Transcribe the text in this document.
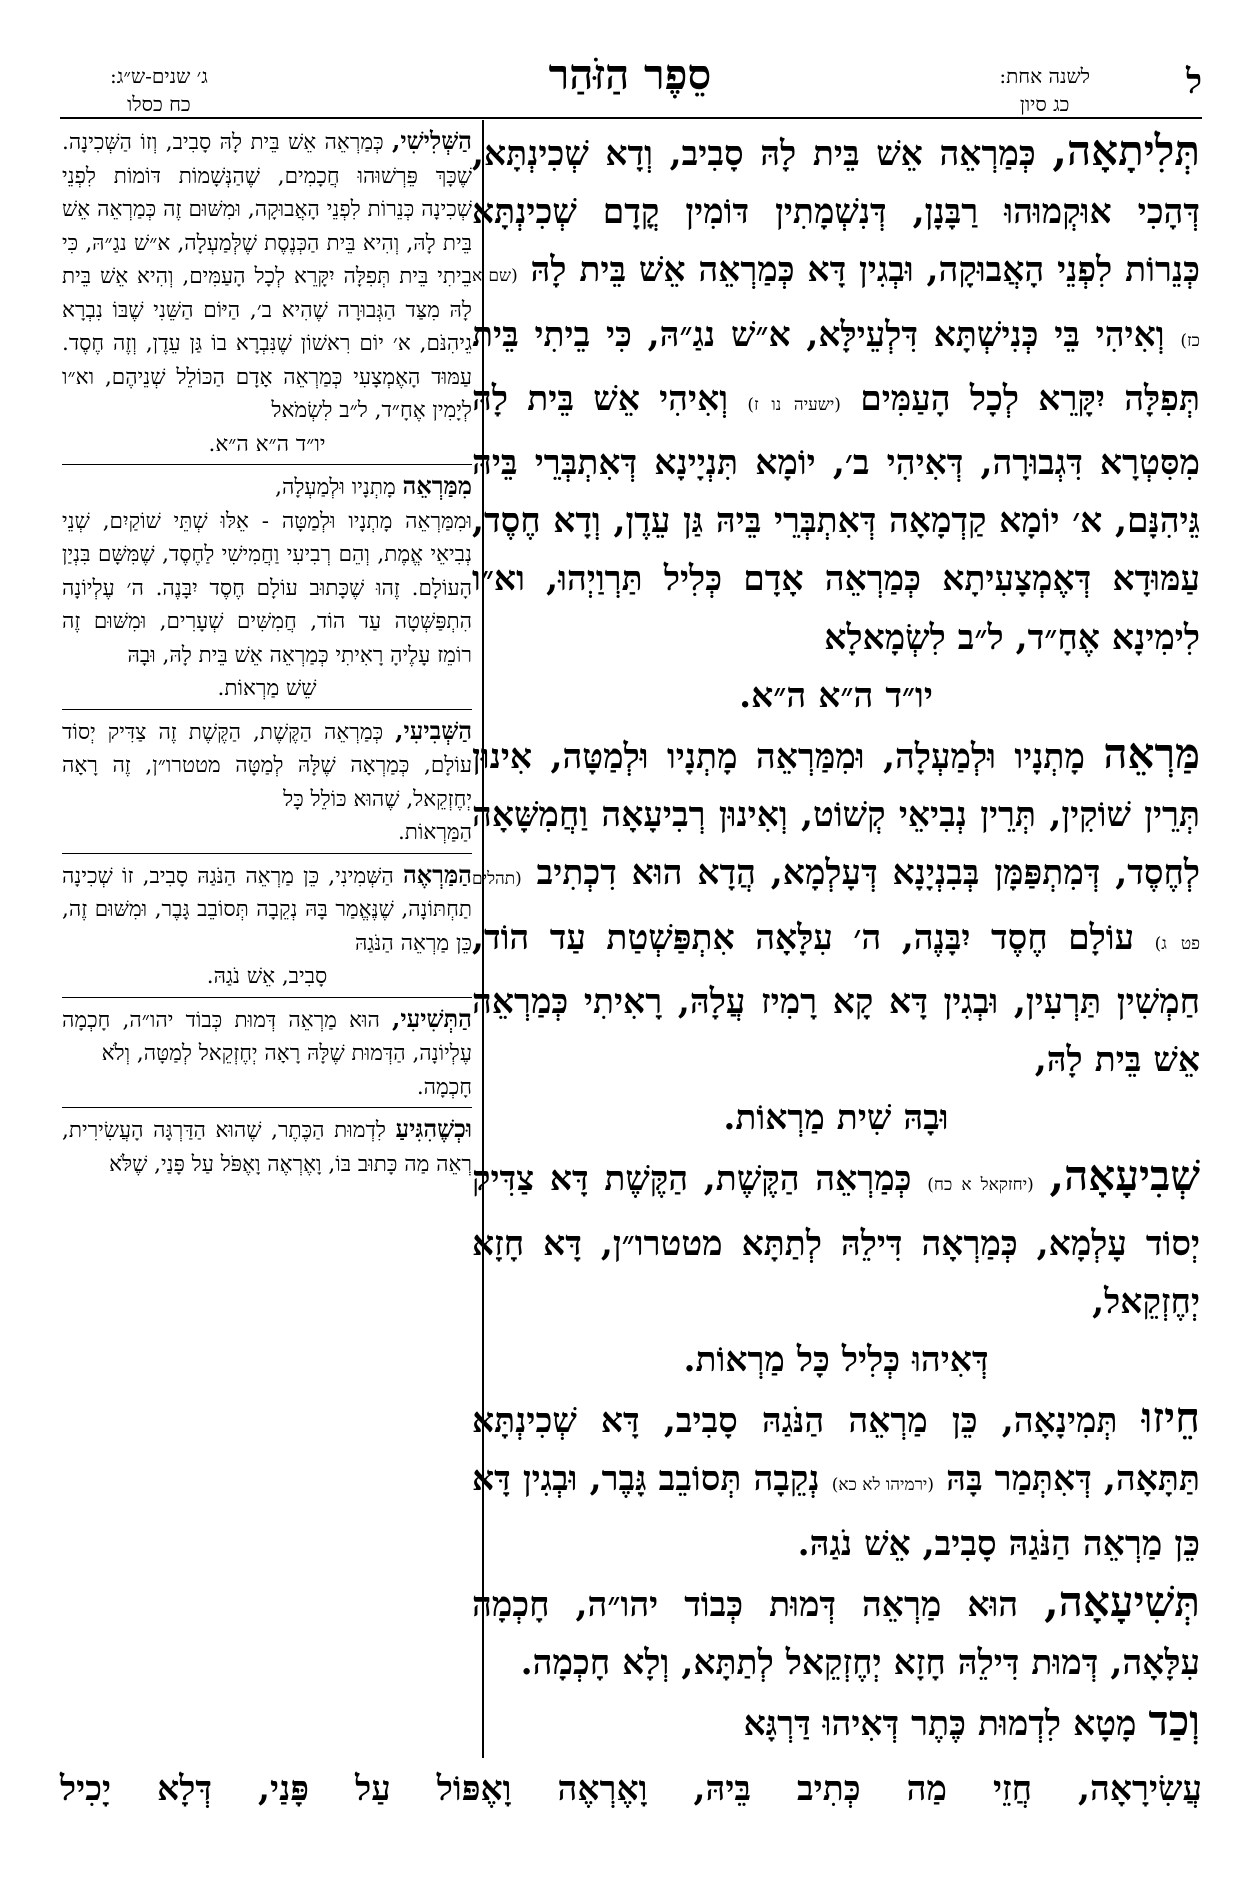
ל
לשנה אחת:
כג סיון
סֵפֶר הַזֹּהַר
ג׳ שנים-ש״ג:
כח כסלו

תְּלִיתָאָה, כְּמַרְאֵה אֵשׁ בֵּית לָהּ סָבִיב, וְדָא שְׁכִינְתָּא, דְּהָכִי אוּקְמוּהוּ רַבָּנָן, דְּנִשְׁמָתִין דּוֹמִין קֳדָם שְׁכִינְתָּא כְּנֵרוֹת לִפְנֵי הָאֲבוּקָה, וּבְגִין דָּא כְּמַרְאֵה אֵשׁ בֵּית לָהּ (שם א כז) וְאִיהִי בֵּי כְּנִישְׁתָּא דִּלְעֵילָּא, א״שׁ נגַ״הּ, כִּי בֵיתִי בֵּית תְּפִלָּה יִקָּרֵא לְכָל הָעַמִּים (ישעיה נו ז) וְאִיהִי אֵשׁ בֵּית לָהּ מִסִּטְרָא דִּגְבוּרָה, דְּאִיהִי ב׳, יוֹמָא תִּנְיָינָא דְּאִתְבְּרֵי בֵּיהּ גֵּיהִנָּם, א׳ יוֹמָא קַדְמָאָה דְּאִתְבְּרֵי בֵּיהּ גַּן עֵדֶן, וְדָא חֶסֶד, עַמּוּדָא דְּאֶמְצָעִיתָא כְּמַרְאֵה אָדָם כְּלִיל תַּרְוַיְהוּ, וא״ו לִימִינָא אֶחָ״ד, ל״ב לִשְׂמָאלָא

יו״ד ה״א ה״א.

מַּרְאֵה מָתְנָיו וּלְמַעְלָה, וּמִמַּרְאֵה מָתְנָיו וּלְמַטָּה, אִינוּן תְּרֵין שׁוֹקִין, תְּרֵין נְבִיאֵי קְשׁוֹט, וְאִינוּן רְבִיעָאָה וַחֲמִשָּׁאָה לְחֶסֶד, דְּמִתְפַּמָּן בְּבִנְיָנָא דְּעָלְמָא, הֲדָא הוּא דִכְתִיב (תהלים פט ג) עוֹלָם חֶסֶד יִבָּנֶה, ה׳ עִלָּאָה אִתְפַּשְׁטַת עַד הוֹד, חַמְשִׁין תַּרְעִין, וּבְגִין דָּא קָא רָמִיז עֲלָהּ, רָאִיתִי כְּמַרְאֵה אֵשׁ בֵּית לָהּ,

וּבָהּ שִׁית מַרְאוֹת.

שְׁבִיעָאָה, (יחזקאל א כח) כְּמַרְאֵה הַקֶּשֶׁת, הַקֶּשֶׁת דָּא צַדִּיק יְסוֹד עָלְמָא, כְּמַרְאָה דִּילֵהּ לְתַתָּא מטטרו״ן, דָּא חָזָא יְחֶזְקֵאל,

דְּאִיהוּ כְּלִיל כָּל מַרְאוֹת.

חֵיזוּ תְּמִינָאָה, כֵּן מַרְאֵה הַנֹּגַהּ סָבִיב, דָּא שְׁכִינְתָּא תַּתָּאָה, דְּאִתְּמַר בָּהּ (ירמיהו לא כא) נְקֵבָה תְּסוֹבֵב גָּבֶר, וּבְגִין דָּא כֵּן מַרְאֵה הַנֹּגַהּ סָבִיב, אֵשׁ נֹגַהּ.

תְּשִׁיעָאָה, הוּא מַרְאֵה דְּמוּת כְּבוֹד יהו״ה, חָכְמָה עִלָּאָה, דְּמוּת דִּילֵהּ חָזָא יְחֶזְקֵאל לְתַתָּא, וְלָא חָכְמָה.

וְכַד מָטָא לִדְמוּת כֶּתֶר דְּאִיהוּ דַּרְגָּא

הַשְּׁלִישִׁי, כְּמַרְאֵה אֵשׁ בֵּית לָהּ סָבִיב, וְזוֹ הַשְּׁכִינָה. שֶׁכָּךְ פֵּרְשׁוּהוּ חֲכָמִים, שֶׁהַנְּשָׁמוֹת דּוֹמוֹת לִפְנֵי שְׁכִינָה כְּנֵרוֹת לִפְנֵי הָאֲבוּקָה, וּמִשּׁוּם זֶה כְּמַרְאֵה אֵשׁ בֵּית לָהּ, וְהִיא בֵּית הַכְּנֶסֶת שֶׁלְּמַעְלָה, א״שׁ נגַ״הּ, כִּי בֵיתִי בֵּית תְּפִלָּה יִקָּרֵא לְכָל הָעַמִּים, וְהִיא אֵשׁ בֵּית לָהּ מִצַּד הַגְּבוּרָה שֶׁהִיא ב׳, הַיּוֹם הַשֵּׁנִי שֶׁבּוֹ נִבְרָא גֵיהִנֹּם, א׳ יוֹם רִאשׁוֹן שֶׁנִּבְרָא בוֹ גַּן עֵדֶן, וְזֶה חֶסֶד. עַמּוּד הָאֶמְצָעִי כְּמַרְאֵה אָדָם הַכּוֹלֵל שְׁנֵיהֶם, וא״ו לְיָמִין אֶחָ״ד, ל״ב לִשְׂמֹאל

יו״ד ה״א ה״א.

מִמַּרְאֵה מָתְנָיו וּלְמַעְלָה,
וּמִמַּרְאֵה מָתְנָיו וּלְמַטָּה - אֵלּוּ שְׁתֵּי שׁוֹקַיִם, שְׁנֵי נְבִיאֵי אֱמֶת, וְהֵם רְבִיעִי וַחֲמִישִׁי לַחֶסֶד, שֶׁמִּשָּׁם בִּנְיַן הָעוֹלָם. זֶהוּ שֶׁכָּתוּב עוֹלָם חֶסֶד יִבָּנֶה. ה׳ עֶלְיוֹנָה הִתְפַּשְּׁטָה עַד הוֹד, חֲמִשִּׁים שְׁעָרִים, וּמִשּׁוּם זֶה רוֹמֵז עָלֶיהָ רָאִיתִי כְּמַרְאֵה אֵשׁ בֵּית לָהּ, וּבָהּ

שֵׁשׁ מַרְאוֹת.

הַשְּׁבִיעִי, כְּמַרְאֵה הַקֶּשֶׁת, הַקֶּשֶׁת זֶה צַדִּיק יְסוֹד עוֹלָם, כְּמַרְאָה שֶׁלָּהּ לְמַטָּה מטטרו״ן, זֶה רָאָה יְחֶזְקֵאל, שֶׁהוּא כּוֹלֵל כָּל

הַמַּרְאוֹת.

הַמַּרְאֶה הַשְּׁמִינִי, כֵּן מַרְאֵה הַנֹּגַהּ סָבִיב, זוֹ שְׁכִינָה תַחְתּוֹנָה, שֶׁנֶּאֱמַר בָּהּ נְקֵבָה תְּסוֹבֵב גָּבֶר, וּמִשּׁוּם זֶה, כֵּן מַרְאֵה הַנֹּגַהּ

סָבִיב, אֵשׁ נֹגַהּ.

הַתְּשִׁיעִי, הוּא מַרְאֵה דְּמוּת כְּבוֹד יהו״ה, חָכְמָה עֶלְיוֹנָה, הַדְּמוּת שֶׁלָּהּ רָאָה יְחֶזְקֵאל לְמַטָּה, וְלֹא

חָכְמָה.

וּכְשֶׁהִגִּיעַ לִדְמוּת הַכֶּתֶר, שֶׁהוּא הַדַּרְגָּה הָעֲשִׂירִית, רְאֵה מַה כָּתוּב בּוֹ, וָאֶרְאֶה וָאֶפֹּל עַל פָּנַי, שֶׁלֹּא

עֲשִׂירָאָה, חֲזֵי מַה כְּתִיב בֵּיהּ, וָאֶרְאֶה וָאֶפּוֹל עַל פָּנַי, דְּלָא יָכִיל
